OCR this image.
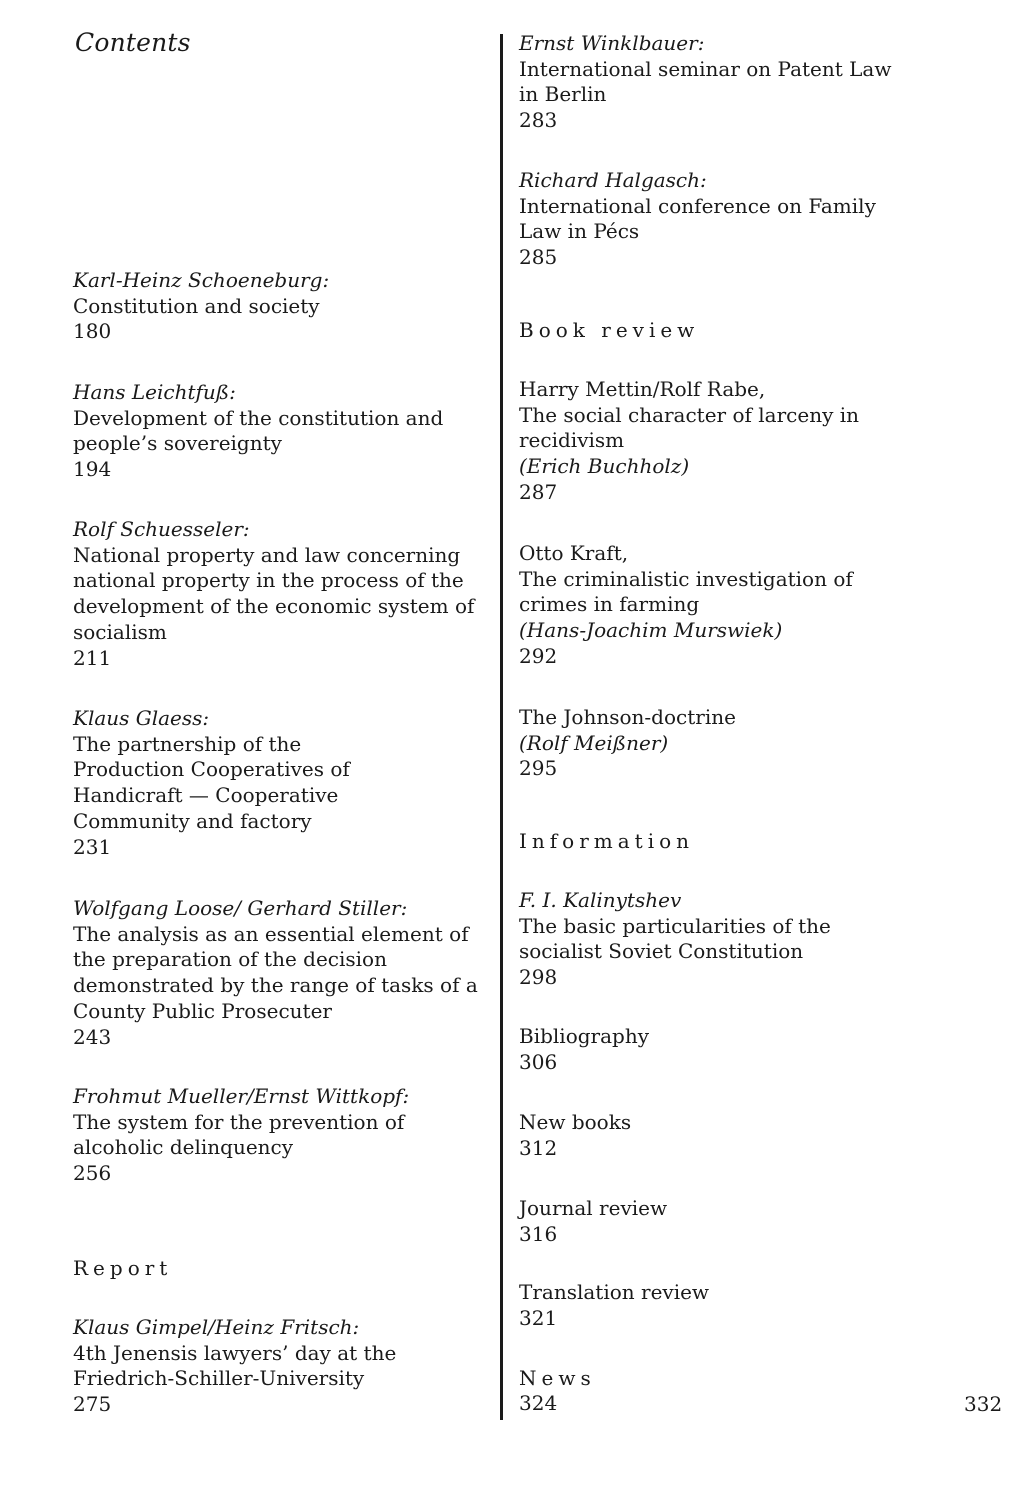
Contents
Karl-Heinz Schoeneburg:
Constitution and society
180
Hans Leichtfuß:
Development of the constitution and people’s sovereignty
194
Rolf Schuesseler:
National property and law concerning national property in the process of the development of the economic system of socialism
211
Klaus Glaess:
The partnership of the Production Cooperatives of Handicraft — Cooperative Community and factory
231
Wolfgang Loose/ Gerhard Stiller:
The analysis as an essential element of the preparation of the decision demonstrated by the range of tasks of a County Public Prosecuter
243
Frohmut Mueller/Ernst Wittkopf:
The system for the prevention of alcoholic delinquency
256
Report
Klaus Gimpel/Heinz Fritsch:
4th Jenensis lawyers’ day at the Friedrich-Schiller-University
275
Ernst Winklbauer:
International seminar on Patent Law in Berlin
283
Richard Halgasch:
International conference on Family Law in Pécs
285
Book review
Harry Mettin/Rolf Rabe,
The social character of larceny in recidivism
(Erich Buchholz)
287
Otto Kraft,
The criminalistic investigation of crimes in farming
(Hans-Joachim Murswiek)
292
The Johnson-doctrine
(Rolf Meißner)
295
Information
F. I. Kalinytshev
The basic particularities of the socialist Soviet Constitution
298
Bibliography
306
New books
312
Journal review
316
Translation review
321
News
324	332
